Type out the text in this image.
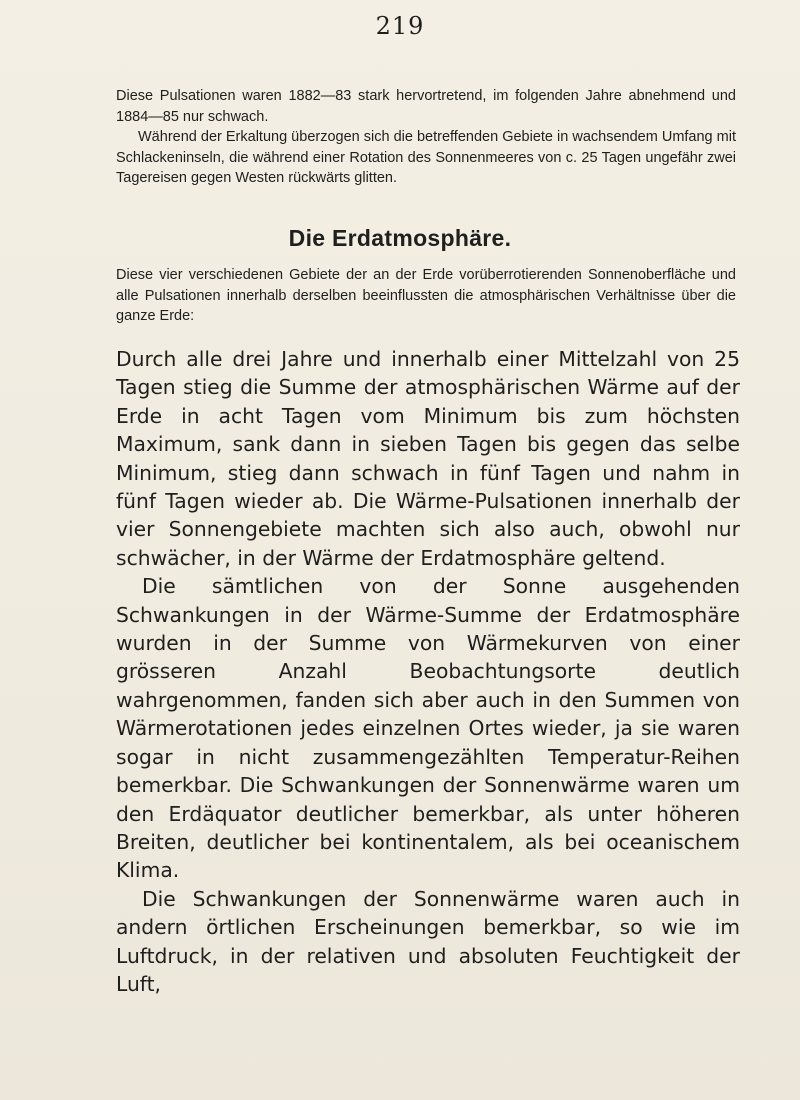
219

Diese Pulsationen waren 1882—83 stark hervortretend, im folgenden Jahre abnehmend und 1884—85 nur schwach.

Während der Erkaltung überzogen sich die betreffenden Gebiete in wachsendem Umfang mit Schlackeninseln, die während einer Rotation des Sonnenmeeres von c. 25 Tagen ungefähr zwei Tagereisen gegen Westen rückwärts glitten.

Die Erdatmosphäre.

Diese vier verschiedenen Gebiete der an der Erde vorüberrotierenden Sonnenoberfläche und alle Pulsationen innerhalb derselben beeinflussten die atmosphärischen Verhältnisse über die ganze Erde:

Durch alle drei Jahre und innerhalb einer Mittelzahl von 25 Tagen stieg die Summe der atmosphärischen Wärme auf der Erde in acht Tagen vom Minimum bis zum höchsten Maximum, sank dann in sieben Tagen bis gegen das selbe Minimum, stieg dann schwach in fünf Tagen und nahm in fünf Tagen wieder ab. Die Wärme-Pulsationen innerhalb der vier Sonnengebiete machten sich also auch, obwohl nur schwächer, in der Wärme der Erdatmosphäre geltend.

Die sämtlichen von der Sonne ausgehenden Schwankungen in der Wärme-Summe der Erdatmosphäre wurden in der Summe von Wärmekurven von einer grösseren Anzahl Beobachtungsorte deutlich wahrgenommen, fanden sich aber auch in den Summen von Wärmerotationen jedes einzelnen Ortes wieder, ja sie waren sogar in nicht zusammengezählten Temperatur-Reihen bemerkbar. Die Schwankungen der Sonnenwärme waren um den Erdäquator deutlicher bemerkbar, als unter höheren Breiten, deutlicher bei kontinentalem, als bei oceanischem Klima.

Die Schwankungen der Sonnenwärme waren auch in andern örtlichen Erscheinungen bemerkbar, so wie im Luftdruck, in der relativen und absoluten Feuchtigkeit der Luft,
